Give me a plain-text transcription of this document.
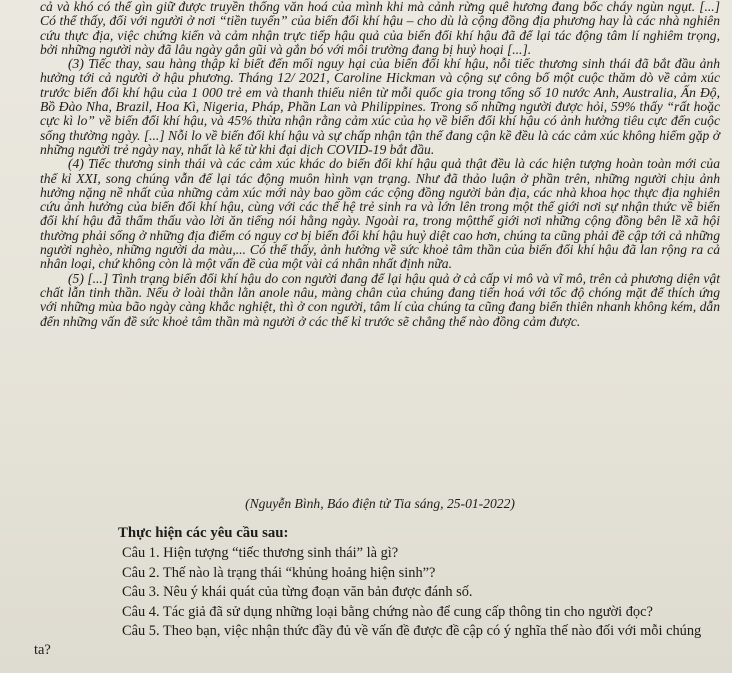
cả và khó có thể gìn giữ được truyền thống văn hoá của mình khi mà cảnh rừng quê hương đang bốc cháy ngùn ngụt. [...] Có thể thấy, đối với người ở nơi “tiền tuyến” của biến đổi khí hậu – cho dù là cộng đồng địa phương hay là các nhà nghiên cứu thực địa, việc chứng kiến và cảm nhận trực tiếp hậu quả của biến đổi khí hậu đã để lại tác động tâm lí nghiêm trọng, bởi những người này đã lâu ngày gắn gũi và gắn bó với môi trường đang bị huỷ hoại [...].

(3) Tiếc thay, sau hàng thập kỉ biết đến mối nguy hại của biến đổi khí hậu, nỗi tiếc thương sinh thái đã bắt đầu ảnh hưởng tới cả người ở hậu phương. Tháng 12/ 2021, Caroline Hickman và cộng sự công bố một cuộc thăm dò về cảm xúc trước biến đổi khí hậu của 1 000 trẻ em và thanh thiếu niên từ mỗi quốc gia trong tổng số 10 nước Anh, Australia, Ấn Độ, Bồ Đào Nha, Brazil, Hoa Kì, Nigeria, Pháp, Phần Lan và Philippines. Trong số những người được hỏi, 59% thấy “rất hoặc cực kì lo” về biến đổi khí hậu, và 45% thừa nhận rằng cảm xúc của họ về biến đổi khí hậu có ảnh hưởng tiêu cực đến cuộc sống thường ngày. [...] Nỗi lo về biến đổi khí hậu và sự chấp nhận tận thế đang cận kề đều là các cảm xúc không hiếm gặp ở những người trẻ ngày nay, nhất là kể từ khi đại dịch COVID-19 bắt đầu.

(4) Tiếc thương sinh thái và các cảm xúc khác do biến đổi khí hậu quả thật đều là các hiện tượng hoàn toàn mới của thế kỉ XXI, song chúng vẫn để lại tác động muôn hình vạn trạng. Như đã thảo luận ở phần trên, những người chịu ảnh hưởng nặng nề nhất của những cảm xúc mới này bao gồm các cộng đồng người bản địa, các nhà khoa học thực địa nghiên cứu ảnh hưởng của biến đổi khí hậu, cùng với các thế hệ trẻ sinh ra và lớn lên trong một thế giới nơi sự nhận thức về biến đổi khí hậu đã thẩm thấu vào lời ăn tiếng nói hằng ngày. Ngoài ra, trong mộtthế giới nơi những cộng đồng bên lề xã hội thường phải sống ở những địa điểm có nguy cơ bị biến đổi khí hậu huỷ diệt cao hơn, chúng ta cũng phải đề cập tới cả những người nghèo, những người da màu,... Có thể thấy, ảnh hưởng về sức khoẻ tâm thần của biến đổi khí hậu đã lan rộng ra cả nhân loại, chứ không còn là một vấn đề của một vài cá nhân nhất định nữa.

(5) [...] Tình trạng biến đổi khí hậu do con người đang để lại hậu quả ở cả cấp vi mô và vĩ mô, trên cả phương diện vật chất lẫn tinh thần. Nếu ở loài thằn lằn anole nâu, màng chân của chúng đang tiến hoá với tốc độ chóng mặt để thích ứng với những mùa bão ngày càng khắc nghiệt, thì ở con người, tâm lí của chúng ta cũng đang biến thiên nhanh không kém, dẫn đến những vấn đề sức khoẻ tâm thần mà người ở các thế kỉ trước sẽ chẳng thể nào đồng cảm được.

(Nguyễn Bình, Báo điện tử Tia sáng, 25-01-2022)
Thực hiện các yêu cầu sau:

Câu 1. Hiện tượng “tiếc thương sinh thái” là gì?

Câu 2. Thế nào là trạng thái “khủng hoảng hiện sinh”?

Câu 3. Nêu ý khái quát của từng đoạn văn bản được đánh số.

Câu 4. Tác giả đã sử dụng những loại bằng chứng nào để cung cấp thông tin cho người đọc?

Câu 5. Theo bạn, việc nhận thức đầy đủ về vấn đề được đề cập có ý nghĩa thế nào đối với mỗi chúng ta?
